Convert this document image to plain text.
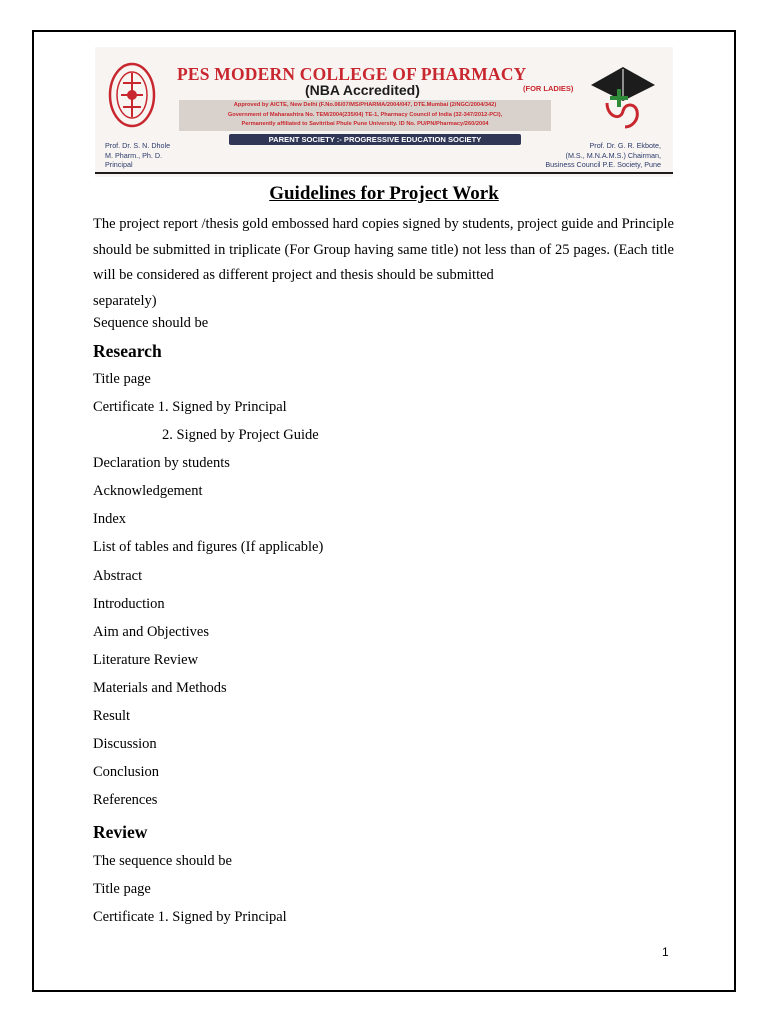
PES MODERN COLLEGE OF PHARMACY
(NBA Accredited)	(FOR LADIES)
Approved by AICTE, New Delhi (F.No.06/07/MS/PHARMA/2004/047, DTE.Mumbai (2/NGC/2004/342)
Government of Maharashtra No. TEM/2004(235/04) TE-1, Pharmacy Council of India (32-347/2012-PCI),
Permanently affiliated to Savitribai Phule Pune University. ID No. PU/PN/Pharmacy/260/2004
PARENT SOCIETY :- PROGRESSIVE EDUCATION SOCIETY
Prof. Dr. S. N. Dhole
M. Pharm., Ph. D.
Principal
Prof. Dr. G. R. Ekbote,
(M.S., M.N.A.M.S.) Chairman,
Business Council P.E. Society, Pune
Guidelines for Project Work
The project report /thesis gold embossed hard copies signed by students, project guide and Principle should be submitted in triplicate (For Group having same title) not less than of 25 pages. (Each title will be considered as different project and thesis should be submitted
separately)
Sequence should be
Research
Title page
Certificate 1. Signed by Principal
2. Signed by Project Guide
Declaration by students
Acknowledgement
Index
List of tables and figures (If applicable)
Abstract
Introduction
Aim and Objectives
Literature Review
Materials and Methods
Result
Discussion
Conclusion
References
Review
The sequence should be
Title page
Certificate 1. Signed by Principal
1
